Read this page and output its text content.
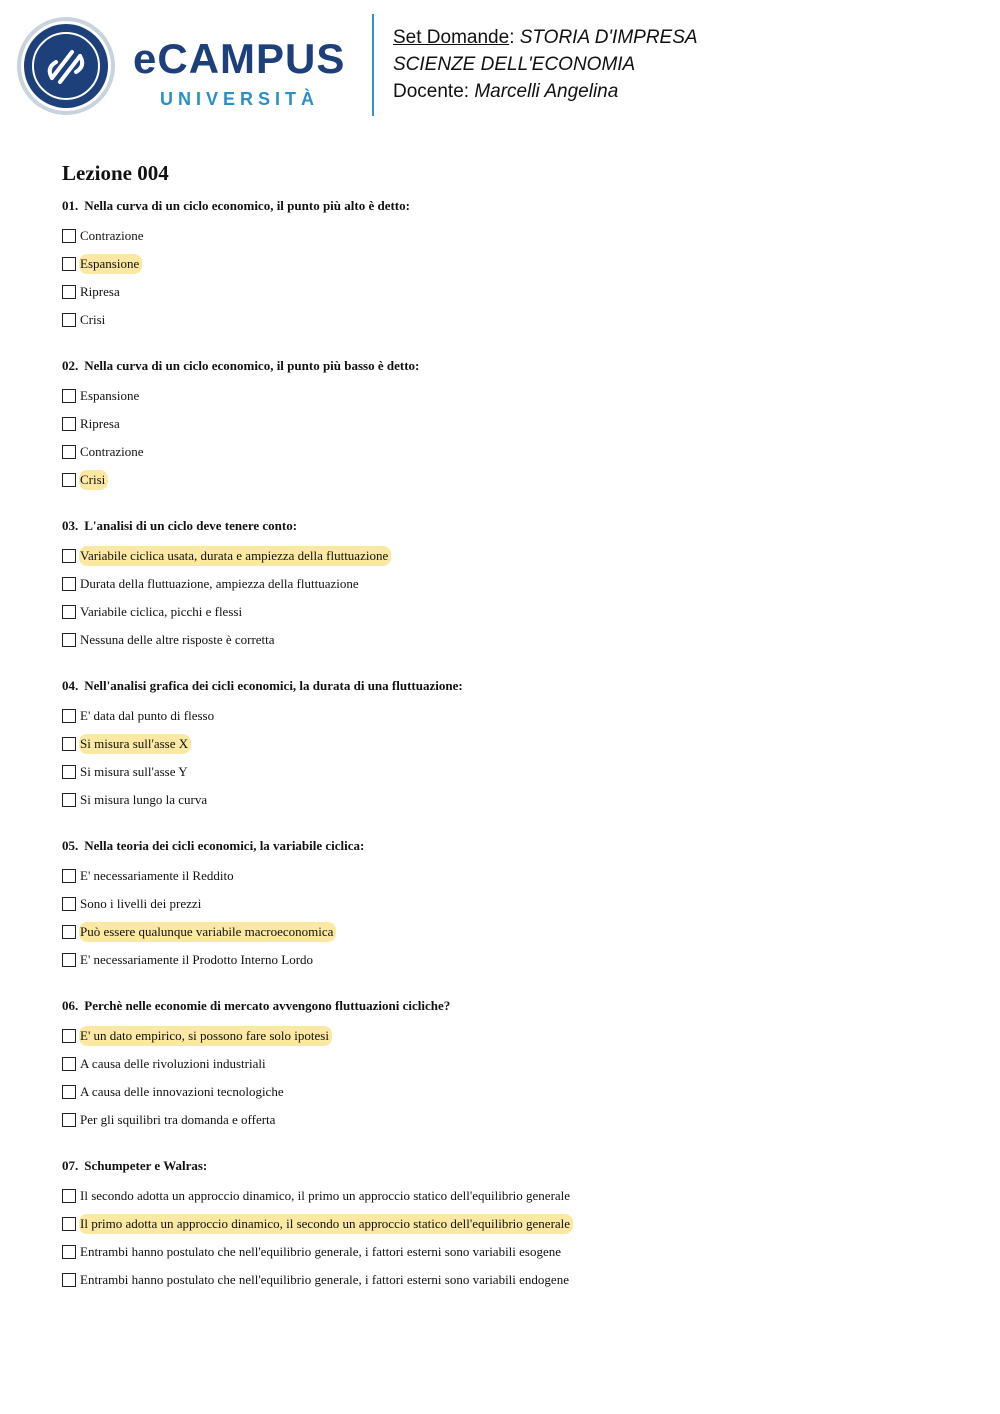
eCAMPUS
UNIVERSITÀ
Set Domande: STORIA D'IMPRESA
SCIENZE DELL'ECONOMIA
Docente: Marcelli Angelina
Lezione 004
01. Nella curva di un ciclo economico, il punto più alto è detto:
Contrazione
Espansione
Ripresa
Crisi
02. Nella curva di un ciclo economico, il punto più basso è detto:
Espansione
Ripresa
Contrazione
Crisi
03. L'analisi di un ciclo deve tenere conto:
Variabile ciclica usata, durata e ampiezza della fluttuazione
Durata della fluttuazione, ampiezza della fluttuazione
Variabile ciclica, picchi e flessi
Nessuna delle altre risposte è corretta
04. Nell'analisi grafica dei cicli economici, la durata di una fluttuazione:
E' data dal punto di flesso
Si misura sull'asse X
Si misura sull'asse Y
Si misura lungo la curva
05. Nella teoria dei cicli economici, la variabile ciclica:
E' necessariamente il Reddito
Sono i livelli dei prezzi
Può essere qualunque variabile macroeconomica
E' necessariamente il Prodotto Interno Lordo
06. Perchè nelle economie di mercato avvengono fluttuazioni cicliche?
E' un dato empirico, si possono fare solo ipotesi
A causa delle rivoluzioni industriali
A causa delle innovazioni tecnologiche
Per gli squilibri tra domanda e offerta
07. Schumpeter e Walras:
Il secondo adotta un approccio dinamico, il primo un approccio statico dell'equilibrio generale
Il primo adotta un approccio dinamico, il secondo un approccio statico dell'equilibrio generale
Entrambi hanno postulato che nell'equilibrio generale, i fattori esterni sono variabili esogene
Entrambi hanno postulato che nell'equilibrio generale, i fattori esterni sono variabili endogene
